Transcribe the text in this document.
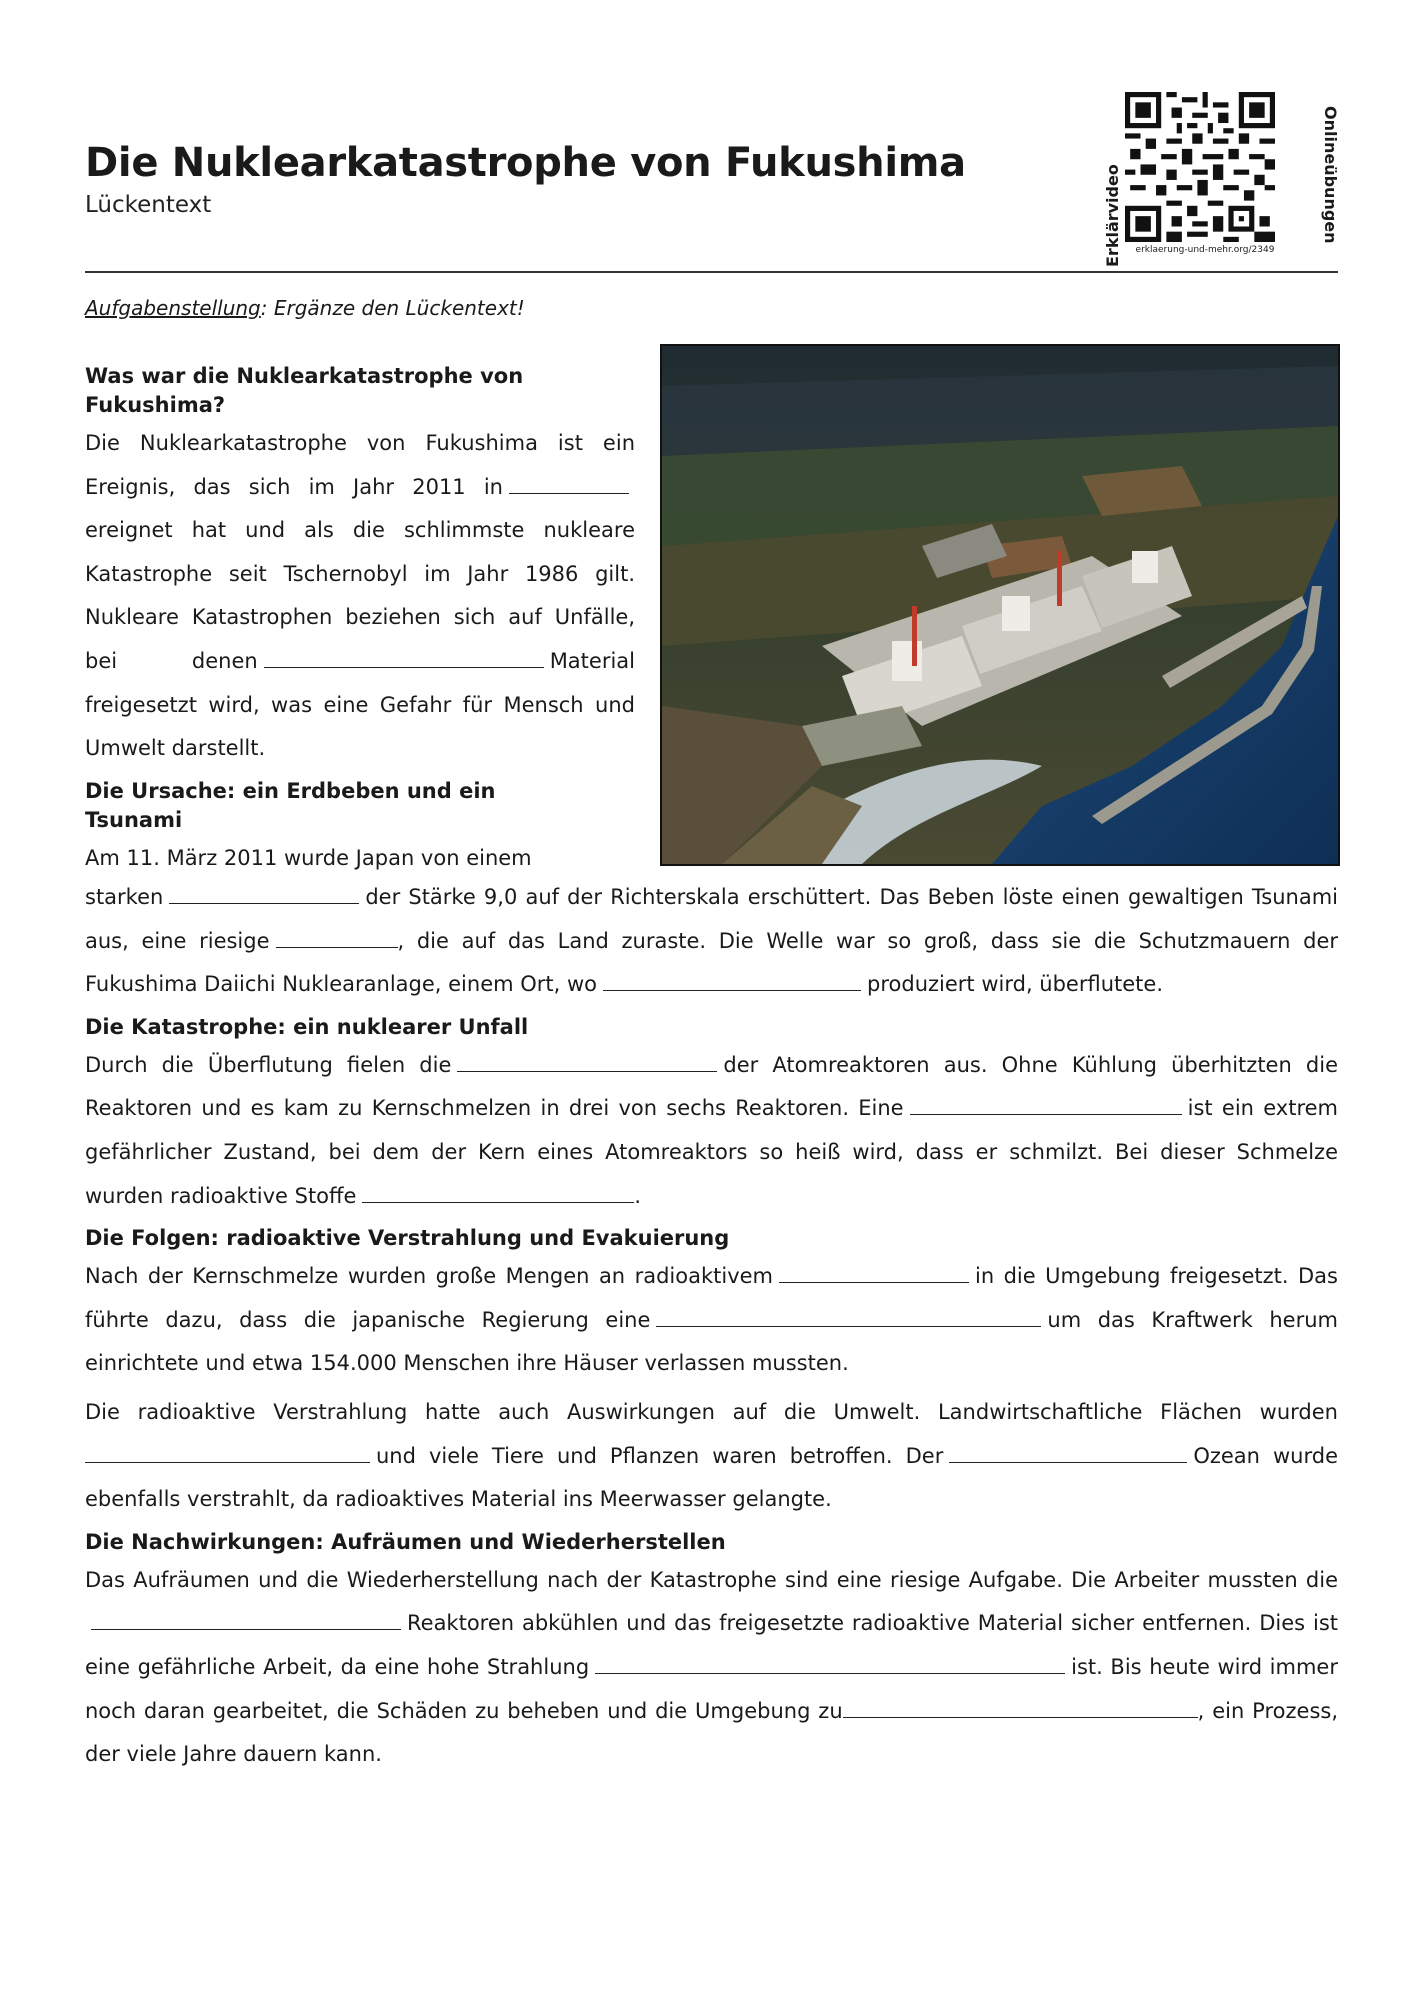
Die Nuklearkatastrophe von Fukushima
Lückentext	Erklärvideo	erklaerung-und-mehr.org/2349
Onlineübungen
Aufgabenstellung: Ergänze den Lückentext!
Was war die Nuklearkatastrophe von Fukushima?

Die Nuklearkatastrophe von Fukushima ist ein Ereignis, das sich im Jahr 2011 inereignet hat und als die schlimmste nukleare Katastrophe seit Tschernobyl im Jahr 1986 gilt. Nukleare Katastrophen beziehen sich auf Unfälle, bei denen	Material freigesetzt wird, was eine Gefahr für Mensch und Umwelt darstellt.

Die Ursache: ein Erdbeben und ein Tsunami

Am 11. März 2011 wurde Japan von einem

starken	der Stärke 9,0 auf der Richterskala erschüttert. Das Beben löste einen gewaltigen Tsunami aus, eine riesige	, die auf das Land zuraste. Die Welle war so groß, dass sie die Schutzmauern der Fukushima Daiichi Nuklearanlage, einem Ort, wo	produziert wird, überflutete.

Die Katastrophe: ein nuklearer Unfall

Durch die Überflutung fielen die	der Atomreaktoren aus. Ohne Kühlung überhitzten die Reaktoren und es kam zu Kernschmelzen in drei von sechs Reaktoren. Eine	ist ein extrem gefährlicher Zustand, bei dem der Kern eines Atomreaktors so heiß wird, dass er schmilzt. Bei dieser Schmelze wurden radioaktive Stoffe	.

Die Folgen: radioaktive Verstrahlung und Evakuierung

Nach der Kernschmelze wurden große Mengen an radioaktivem	in die Umgebung freigesetzt. Das führte dazu, dass die japanische Regierung eine	um das Kraftwerk herum einrichtete und etwa 154.000 Menschen ihre Häuser verlassen mussten.

Die radioaktive Verstrahlung hatte auch Auswirkungen auf die Umwelt. Landwirtschaftliche Flächen wurdenund viele Tiere und Pflanzen waren betroffen. Der	Ozean wurde ebenfalls verstrahlt, da radioaktives Material ins Meerwasser gelangte.

Die Nachwirkungen: Aufräumen und Wiederherstellen

Das Aufräumen und die Wiederherstellung nach der Katastrophe sind eine riesige Aufgabe. Die Arbeiter mussten dieReaktoren abkühlen und das freigesetzte radioaktive Material sicher entfernen. Dies ist eine gefährliche Arbeit, da eine hohe Strahlung	ist. Bis heute wird immer noch daran gearbeitet, die Schäden zu beheben und die Umgebung zu	, ein Prozess, der viele Jahre dauern kann.
